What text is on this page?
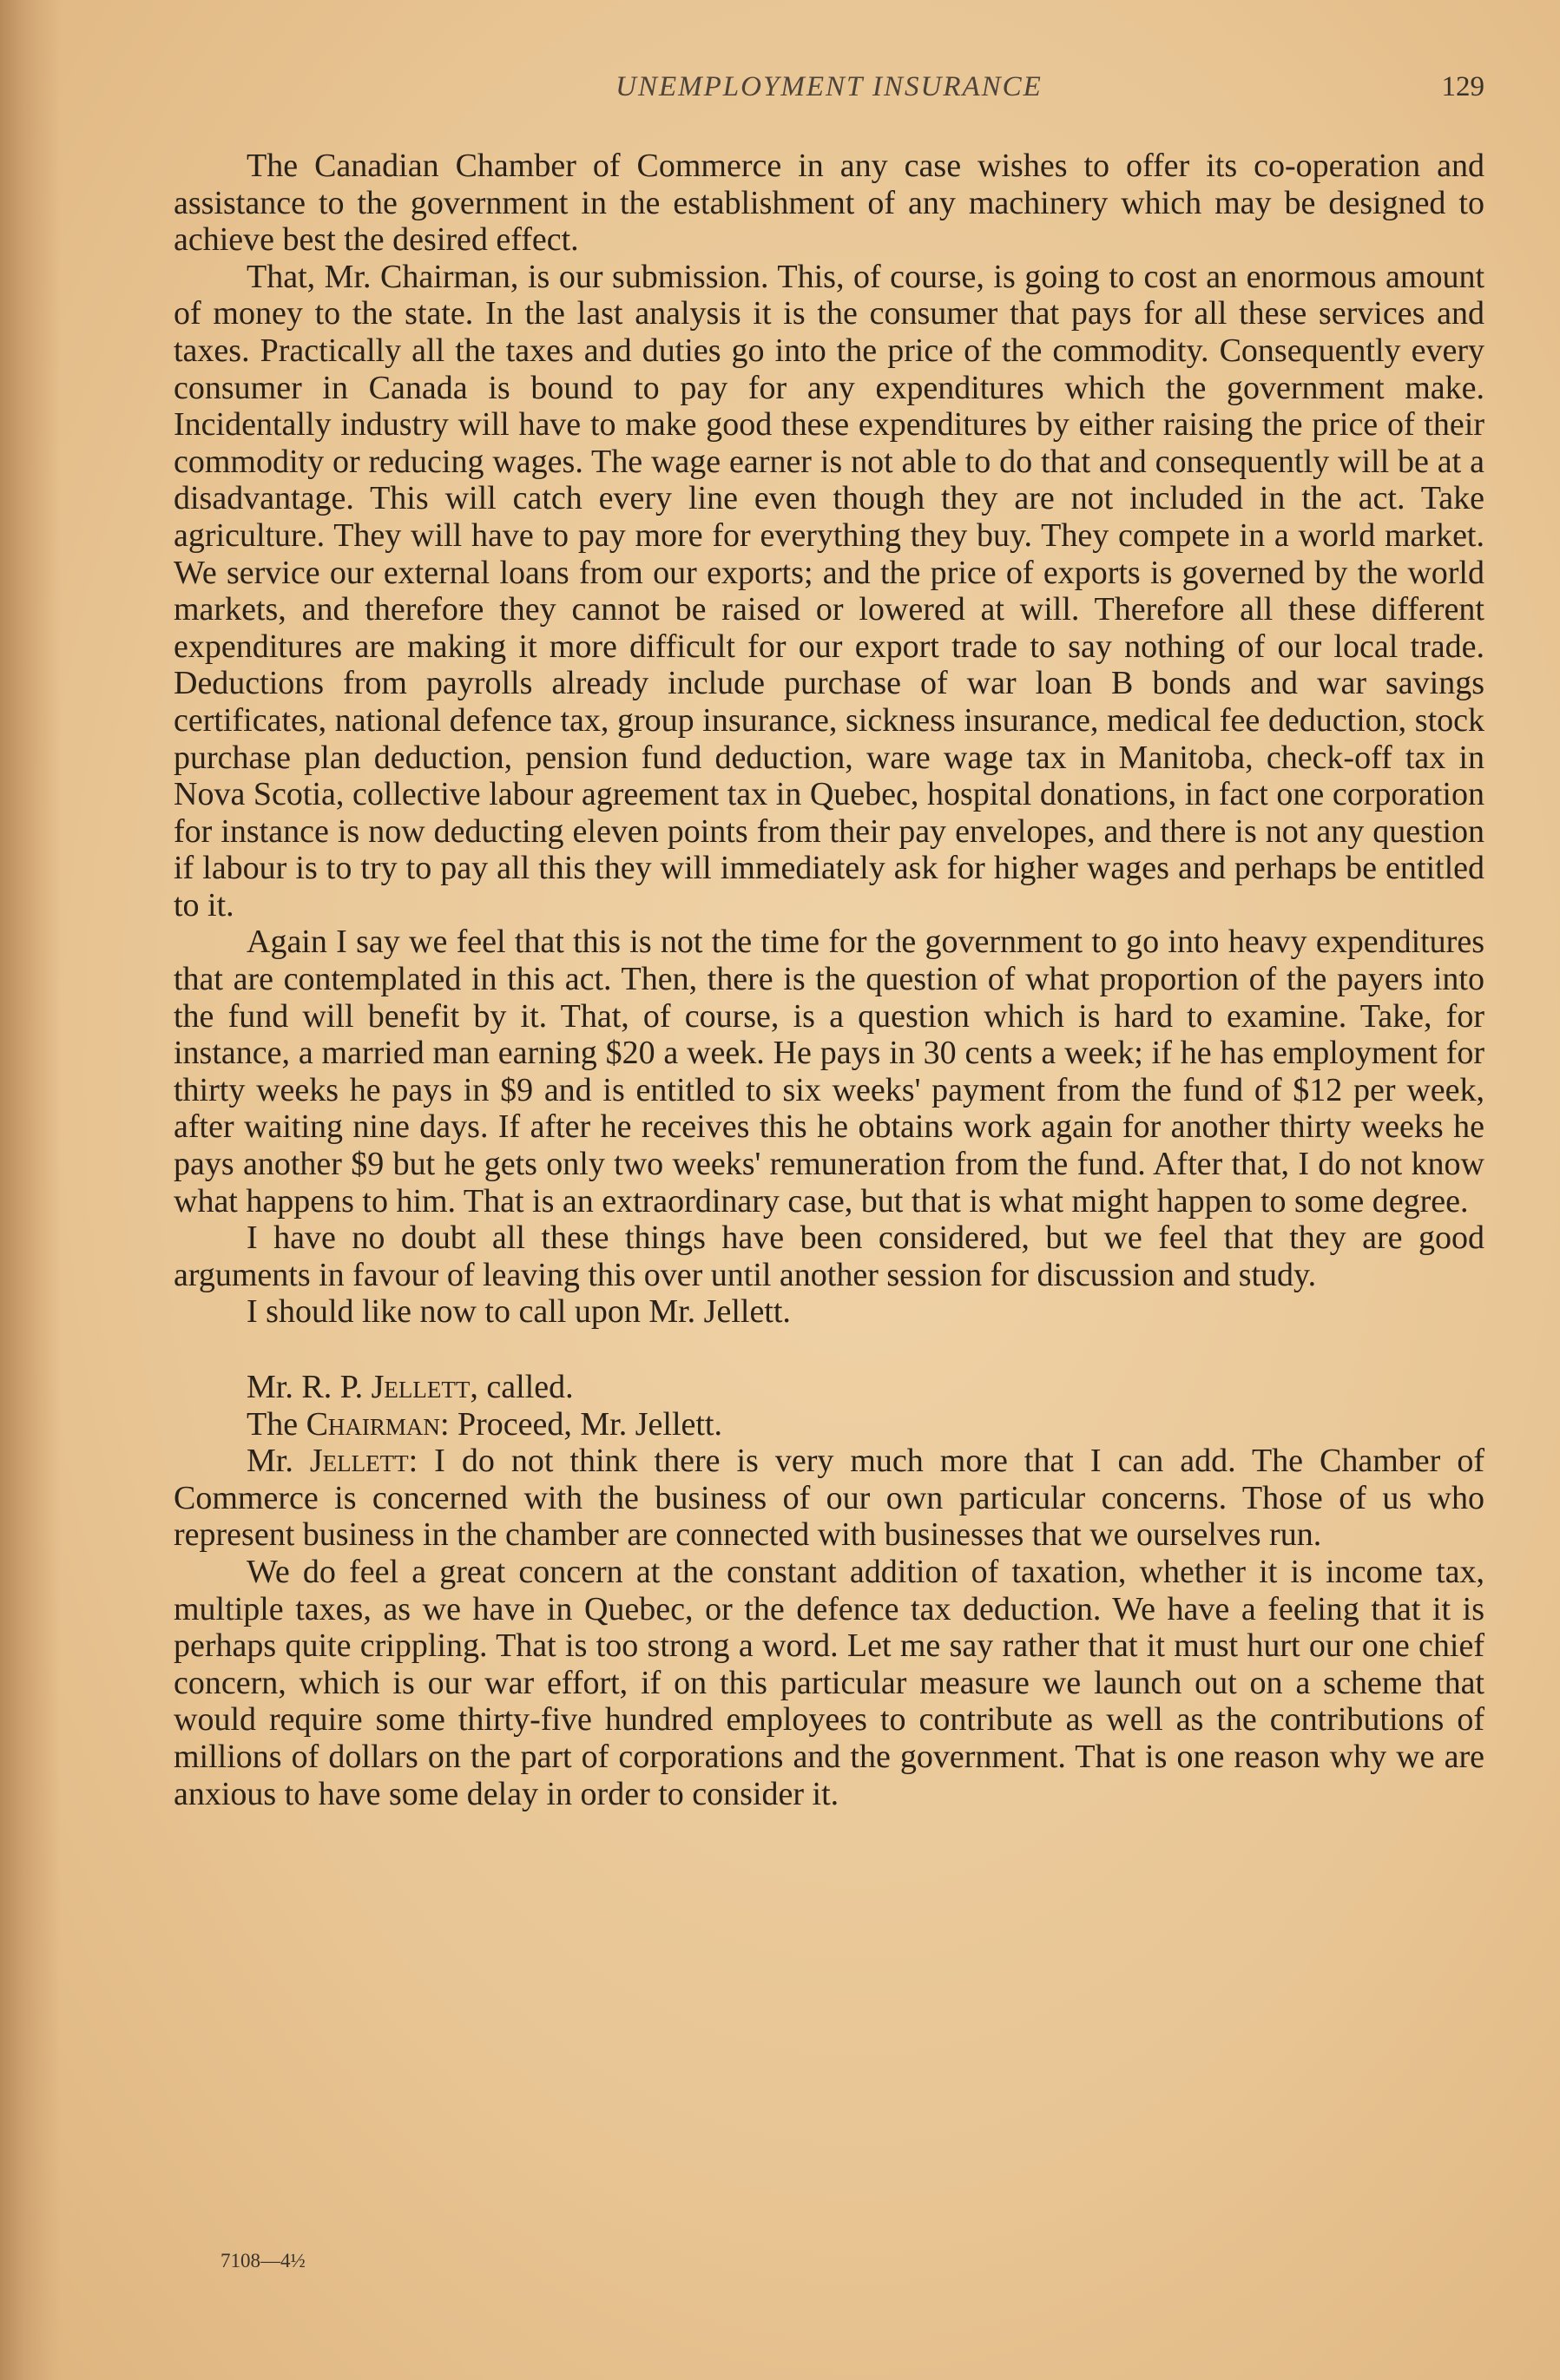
UNEMPLOYMENT INSURANCE	129

The Canadian Chamber of Commerce in any case wishes to offer its co-operation and assistance to the government in the establishment of any machinery which may be designed to achieve best the desired effect.

That, Mr. Chairman, is our submission. This, of course, is going to cost an enormous amount of money to the state. In the last analysis it is the consumer that pays for all these services and taxes. Practically all the taxes and duties go into the price of the commodity. Consequently every consumer in Canada is bound to pay for any expenditures which the government make. Incidentally industry will have to make good these expenditures by either raising the price of their commodity or reducing wages. The wage earner is not able to do that and consequently will be at a disadvantage. This will catch every line even though they are not included in the act. Take agriculture. They will have to pay more for everything they buy. They compete in a world market. We service our external loans from our exports; and the price of exports is governed by the world markets, and therefore they cannot be raised or lowered at will. Therefore all these different expenditures are making it more difficult for our export trade to say nothing of our local trade. Deductions from payrolls already include purchase of war loan B bonds and war savings certificates, national defence tax, group insurance, sickness insurance, medical fee deduction, stock purchase plan deduction, pension fund deduction, ware wage tax in Manitoba, check-off tax in Nova Scotia, collective labour agreement tax in Quebec, hospital donations, in fact one corporation for instance is now deducting eleven points from their pay envelopes, and there is not any question if labour is to try to pay all this they will immediately ask for higher wages and perhaps be entitled to it.

Again I say we feel that this is not the time for the government to go into heavy expenditures that are contemplated in this act. Then, there is the question of what proportion of the payers into the fund will benefit by it. That, of course, is a question which is hard to examine. Take, for instance, a married man earning $20 a week. He pays in 30 cents a week; if he has employment for thirty weeks he pays in $9 and is entitled to six weeks' payment from the fund of $12 per week, after waiting nine days. If after he receives this he obtains work again for another thirty weeks he pays another $9 but he gets only two weeks' remuneration from the fund. After that, I do not know what happens to him. That is an extraordinary case, but that is what might happen to some degree.

I have no doubt all these things have been considered, but we feel that they are good arguments in favour of leaving this over until another session for discussion and study.

I should like now to call upon Mr. Jellett.

Mr. R. P. Jellett, called.

The Chairman: Proceed, Mr. Jellett.

Mr. Jellett: I do not think there is very much more that I can add. The Chamber of Commerce is concerned with the business of our own particular concerns. Those of us who represent business in the chamber are connected with businesses that we ourselves run.

We do feel a great concern at the constant addition of taxation, whether it is income tax, multiple taxes, as we have in Quebec, or the defence tax deduction. We have a feeling that it is perhaps quite crippling. That is too strong a word. Let me say rather that it must hurt our one chief concern, which is our war effort, if on this particular measure we launch out on a scheme that would require some thirty-five hundred employees to contribute as well as the contributions of millions of dollars on the part of corporations and the government. That is one reason why we are anxious to have some delay in order to consider it.

7108—4½
